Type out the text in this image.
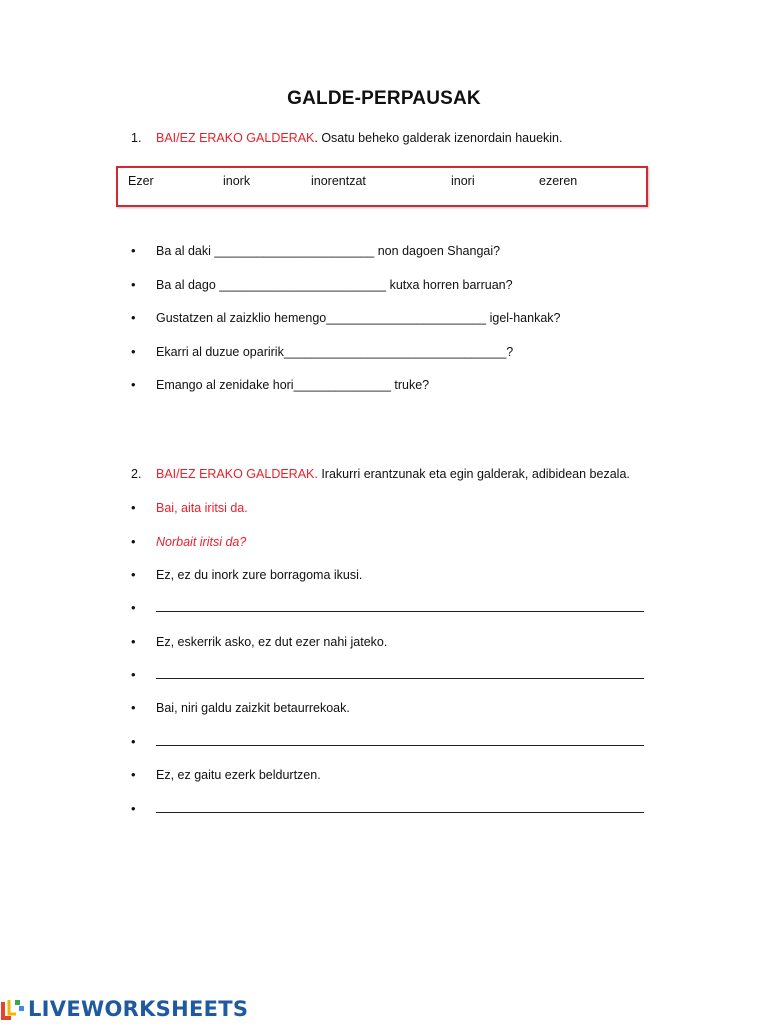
GALDE-PERPAUSAK
1. BAI/EZ ERAKO GALDERAK. Osatu beheko galderak izenordain hauekin.
Ezer	inork	inorentzat	inori	ezeren
• Ba al daki _______________________ non dagoen Shangai?
• Ba al dago ________________________ kutxa horren barruan?
• Gustatzen al zaizklio hemengo_______________________ igel-hankak?
• Ekarri al duzue oparirik________________________________?
• Emango al zenidake hori______________ truke?
2. BAI/EZ ERAKO GALDERAK. Irakurri erantzunak eta egin galderak, adibidean bezala.
• Bai, aita iritsi da.
• Norbait iritsi da?
• Ez, ez du inork zure borragoma ikusi.
•
• Ez, eskerrik asko, ez dut ezer nahi jateko.
•
• Bai, niri galdu zaizkit betaurrekoak.
•
• Ez, ez gaitu ezerk beldurtzen.
•
LIVEWORKSHEETS
